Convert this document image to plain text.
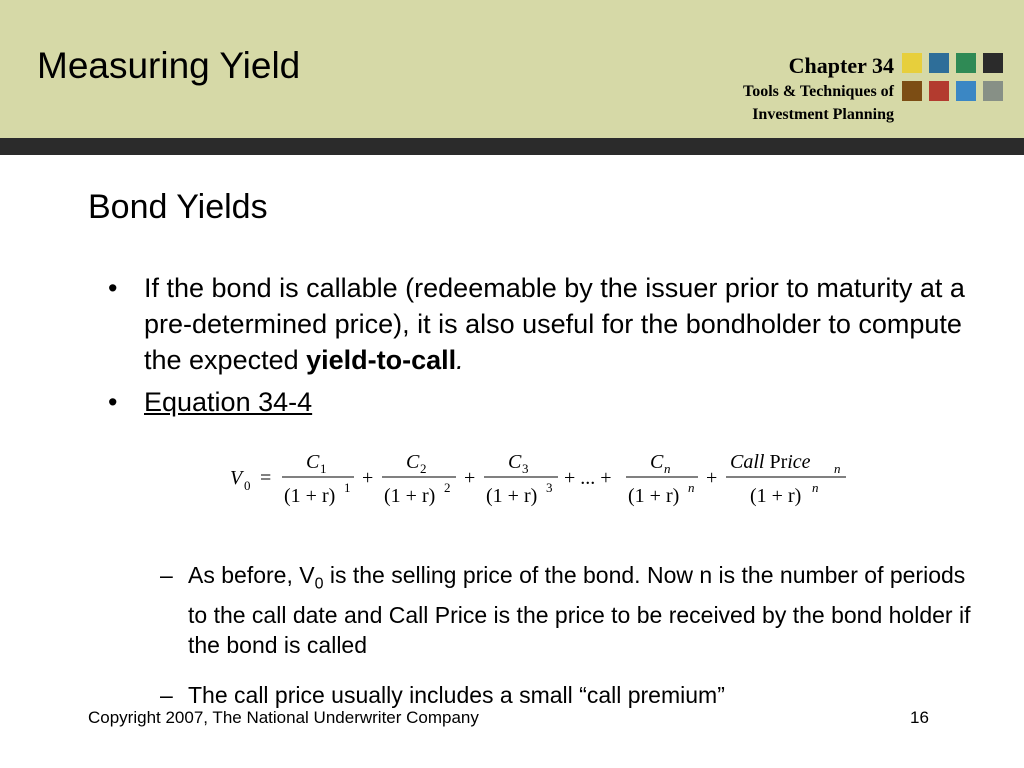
Measuring Yield	Chapter 34
Tools & Techniques of
Investment Planning
Bond Yields
• If the bond is callable (redeemable by the issuer prior to maturity at a pre-determined price), it is also useful for the bondholder to compute the expected yield-to-call.
• Equation 34-4
V 0 =
C 1
(1 + r) 1 +
C 2
(1 + r) 2 +
C 3
(1 + r) 3 + ... +
C n
(1 + r) n +
Call Price n
(1 + r) n
– As before, $V_0$ is the selling price of the bond. Now n is the number of periods to the call date and Call Price is the price to be received by the bond holder if the bond is called
– The call price usually includes a small “call premium”
Copyright 2007, The National Underwriter Company	16
